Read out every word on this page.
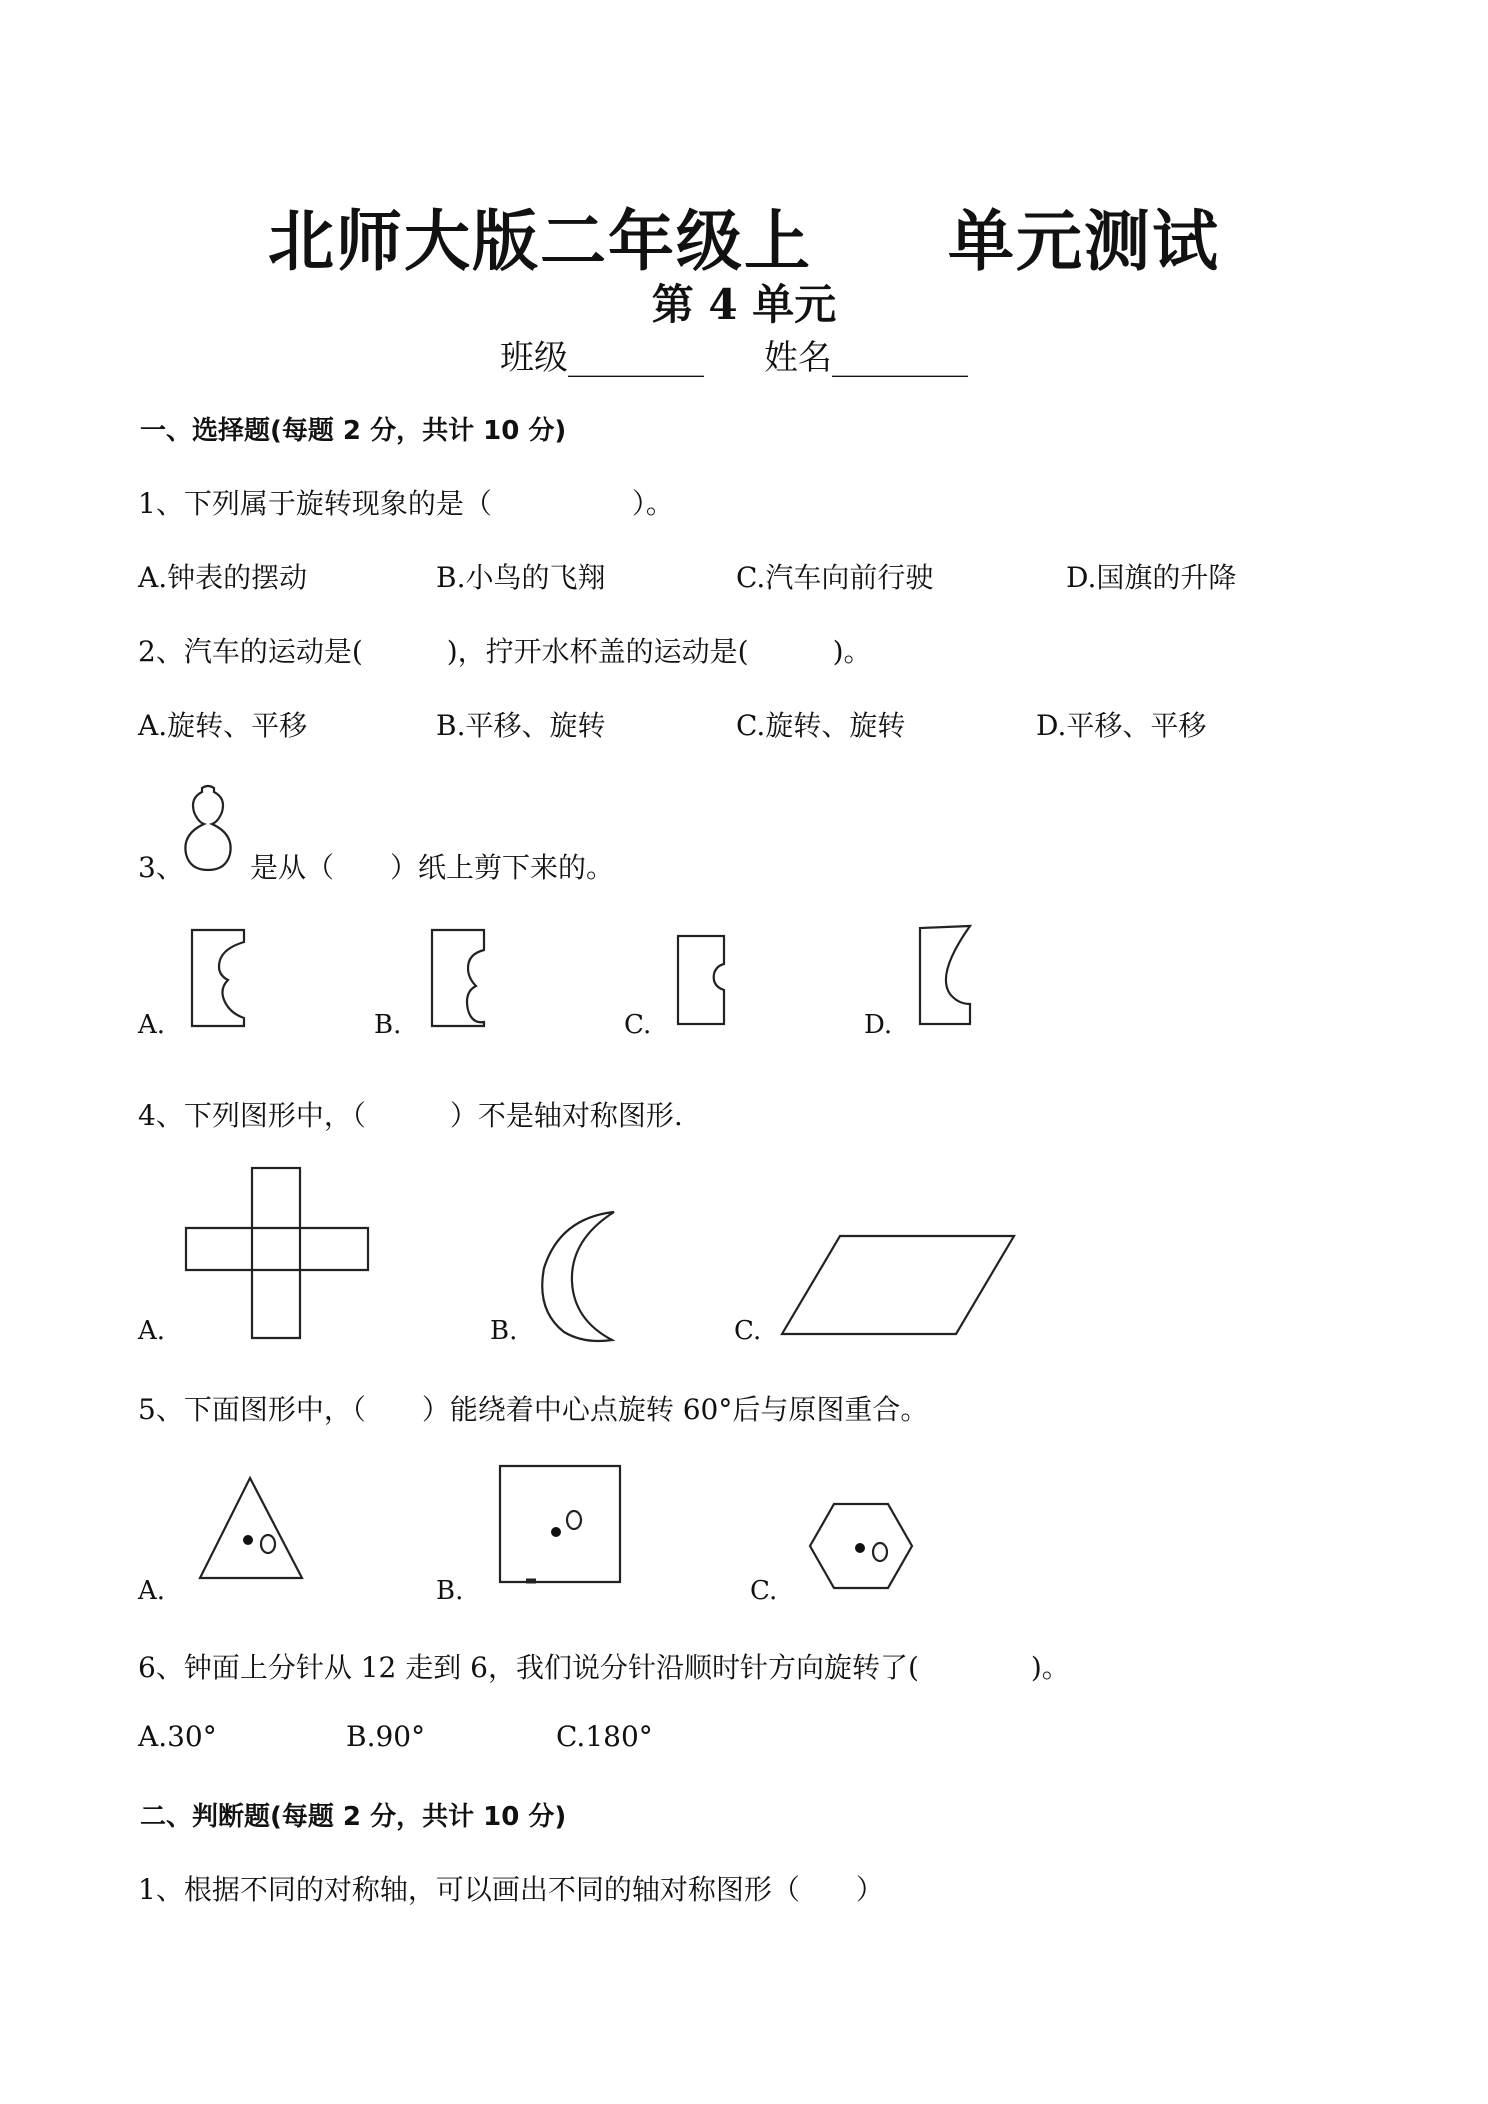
北师大版二年级上　　单元测试
第 4 单元
班级________ 姓名________
一、选择题(每题 2 分，共计 10 分)
1、下列属于旋转现象的是（　　　　　）。
A.钟表的摆动	B.小鸟的飞翔	C.汽车向前行驶	D.国旗的升降
2、汽车的运动是(　　　)，拧开水杯盖的运动是(　　　)。
A.旋转、平移	B.平移、旋转	C.旋转、旋转	D.平移、平移
3、 是从（　　）纸上剪下来的。
A.	B.	C.	D.
4、下列图形中，（　　　）不是轴对称图形.
A.	B.	C.
5、下面图形中，（　　）能绕着中心点旋转 60°后与原图重合。
A.	B.	C.
6、钟面上分针从 12 走到 6，我们说分针沿顺时针方向旋转了(　　　　)。
A.30°	B.90°	C.180°
二、判断题(每题 2 分，共计 10 分)
1、根据不同的对称轴，可以画出不同的轴对称图形（　　）
